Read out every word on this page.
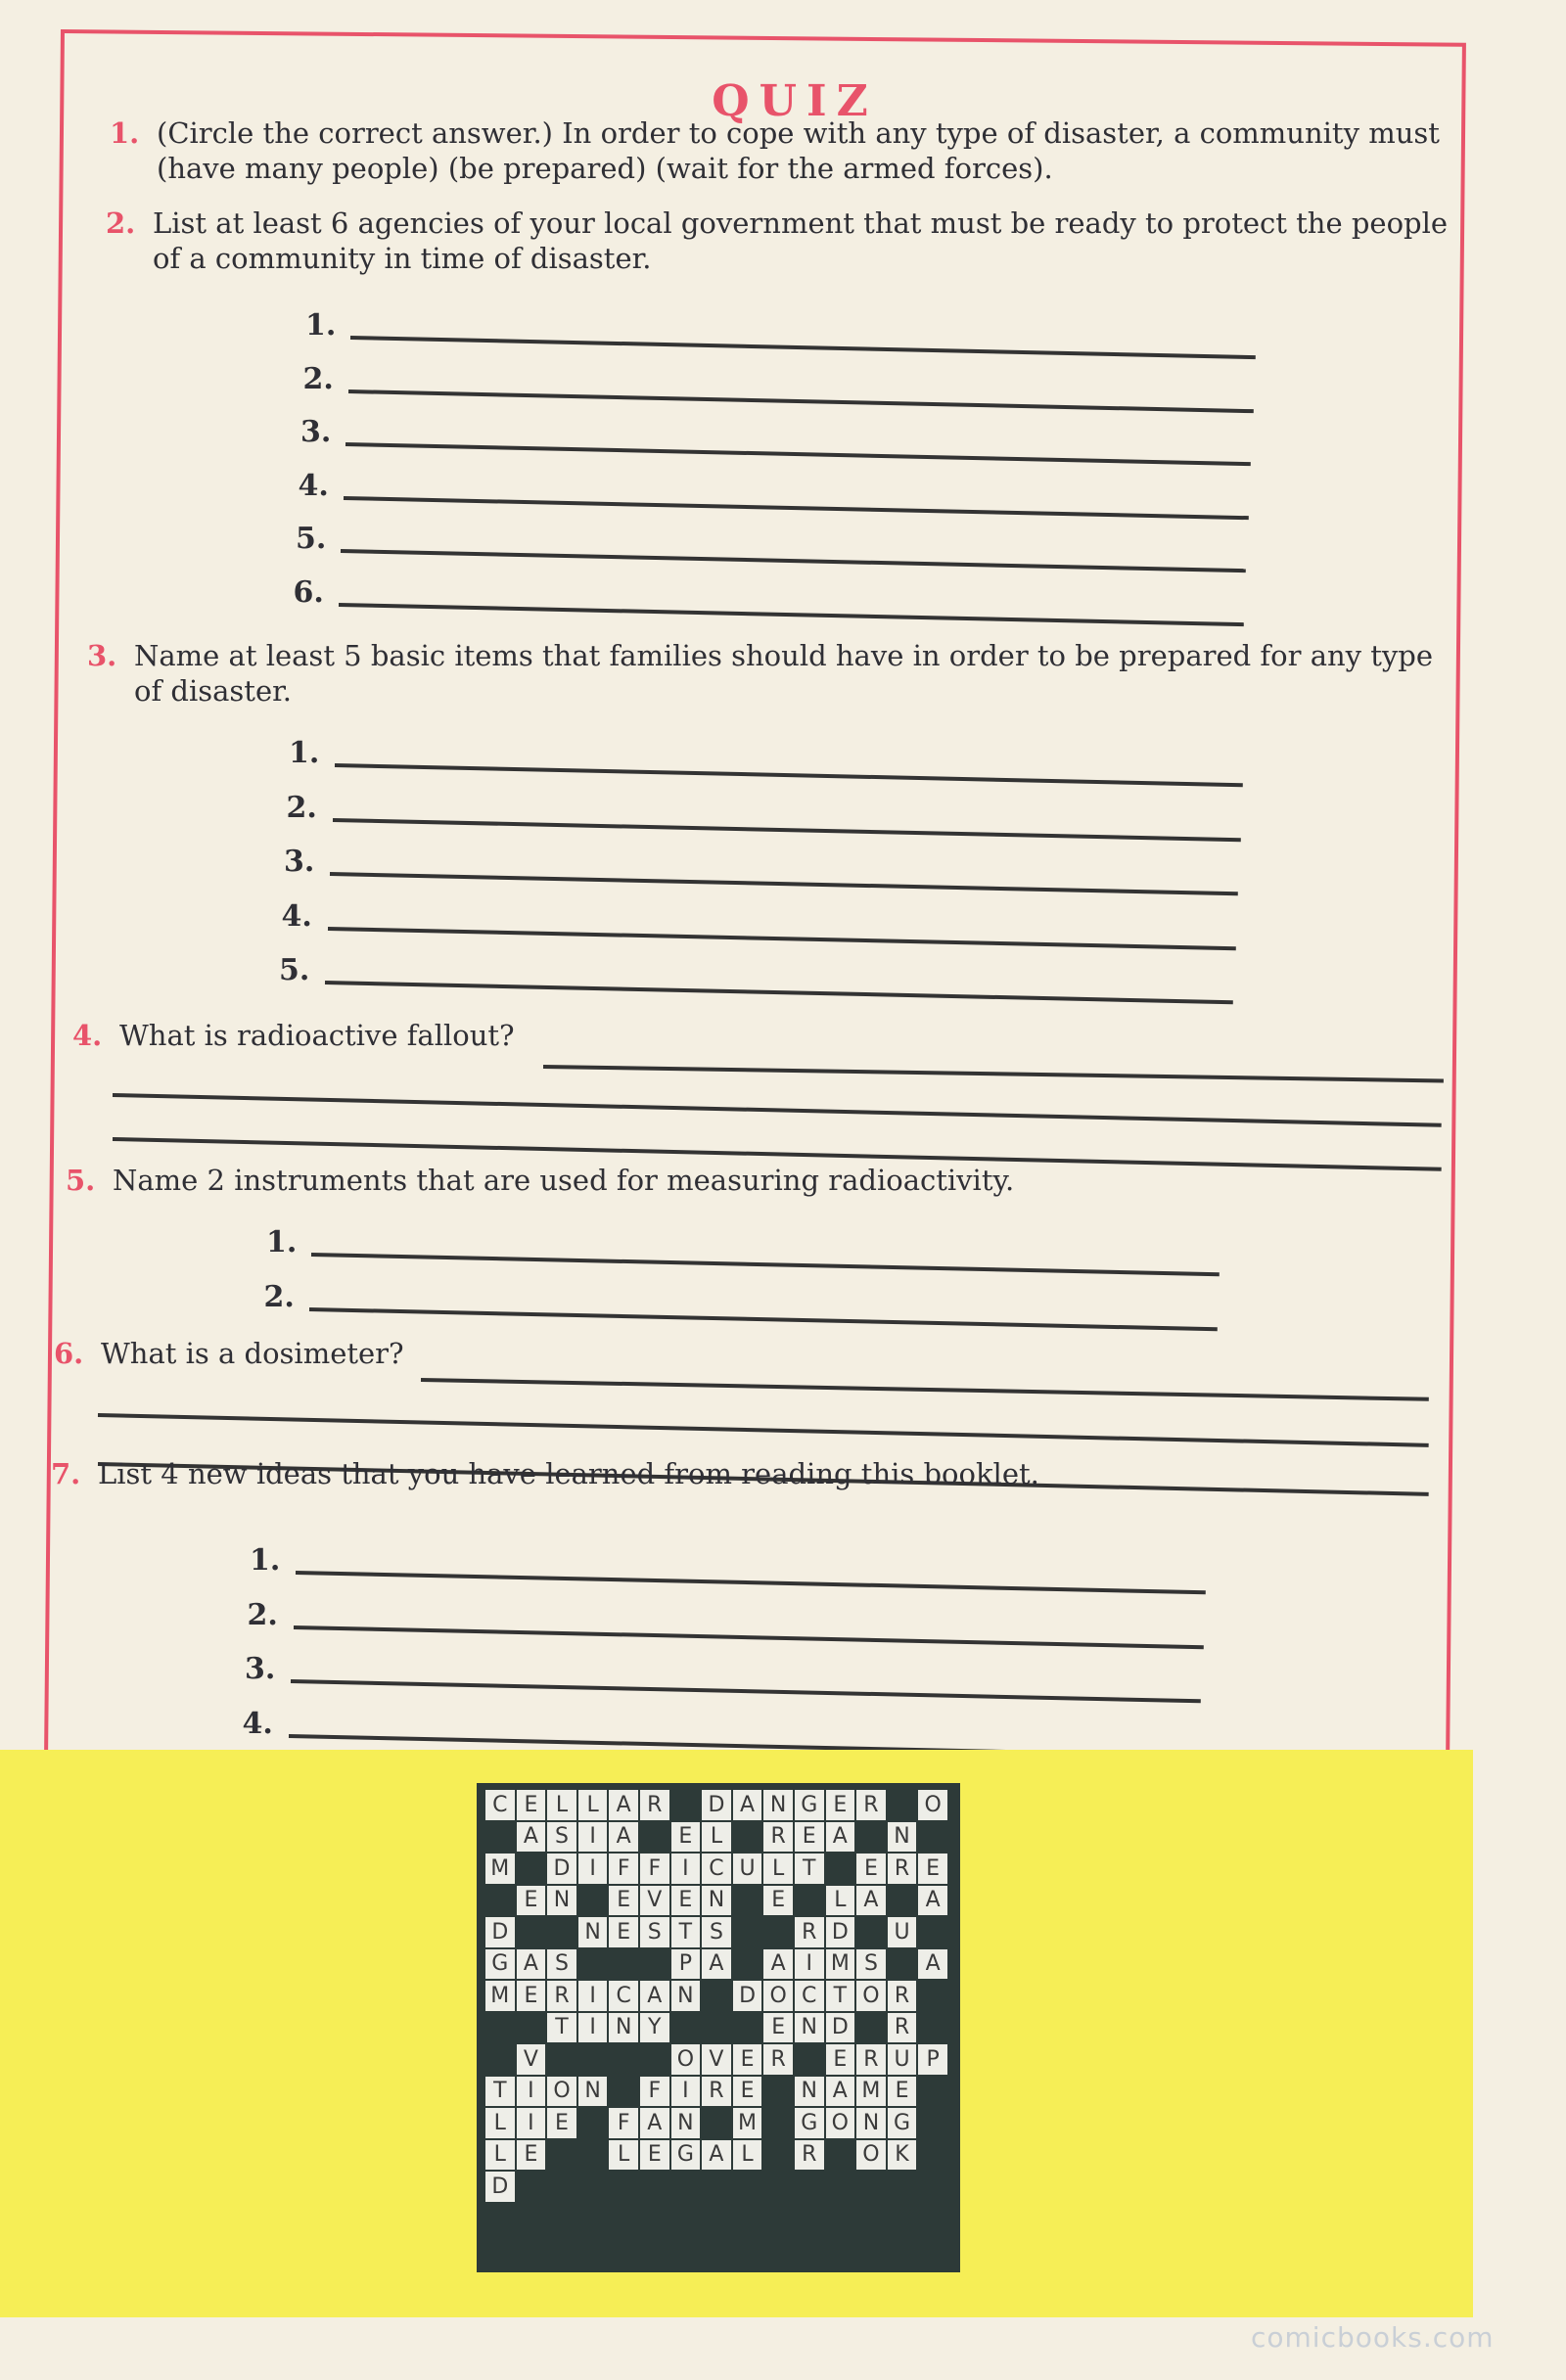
QUIZ
1. (Circle the correct answer.) In order to cope with any type of disaster, a community must (have many people) (be prepared) (wait for the armed forces).
2. List at least 6 agencies of your local government that must be ready to protect the people of a community in time of disaster.
1.
2.
3.
4.
5.
6.
3. Name at least 5 basic items that families should have in order to be prepared for any type of disaster.
1.
2.
3.
4.
5.
4. What is radioactive fallout?
5. Name 2 instruments that are used for measuring radioactivity.
1.
2.
6. What is a dosimeter?
7. List 4 new ideas that you have learned from reading this booklet.
1.
2.
3.
4.
C E L L A R	D A N G E R	O
A S I A	E L	R E A	N
M	D I	F F	I C U L T	E R E
E N	E V E N	E	L A	A
D	N E S T S	R D	U
G A S	P A	A I M S	A
M E R I C A N	D O C T O R
T I N Y	E N D	R
V	O V E R	E R U P
T I O N	F	I R E	N A M E
L	I E	F A N	M	G O N G
L E	L E G A L	R	O K
D
comicbooks.com
